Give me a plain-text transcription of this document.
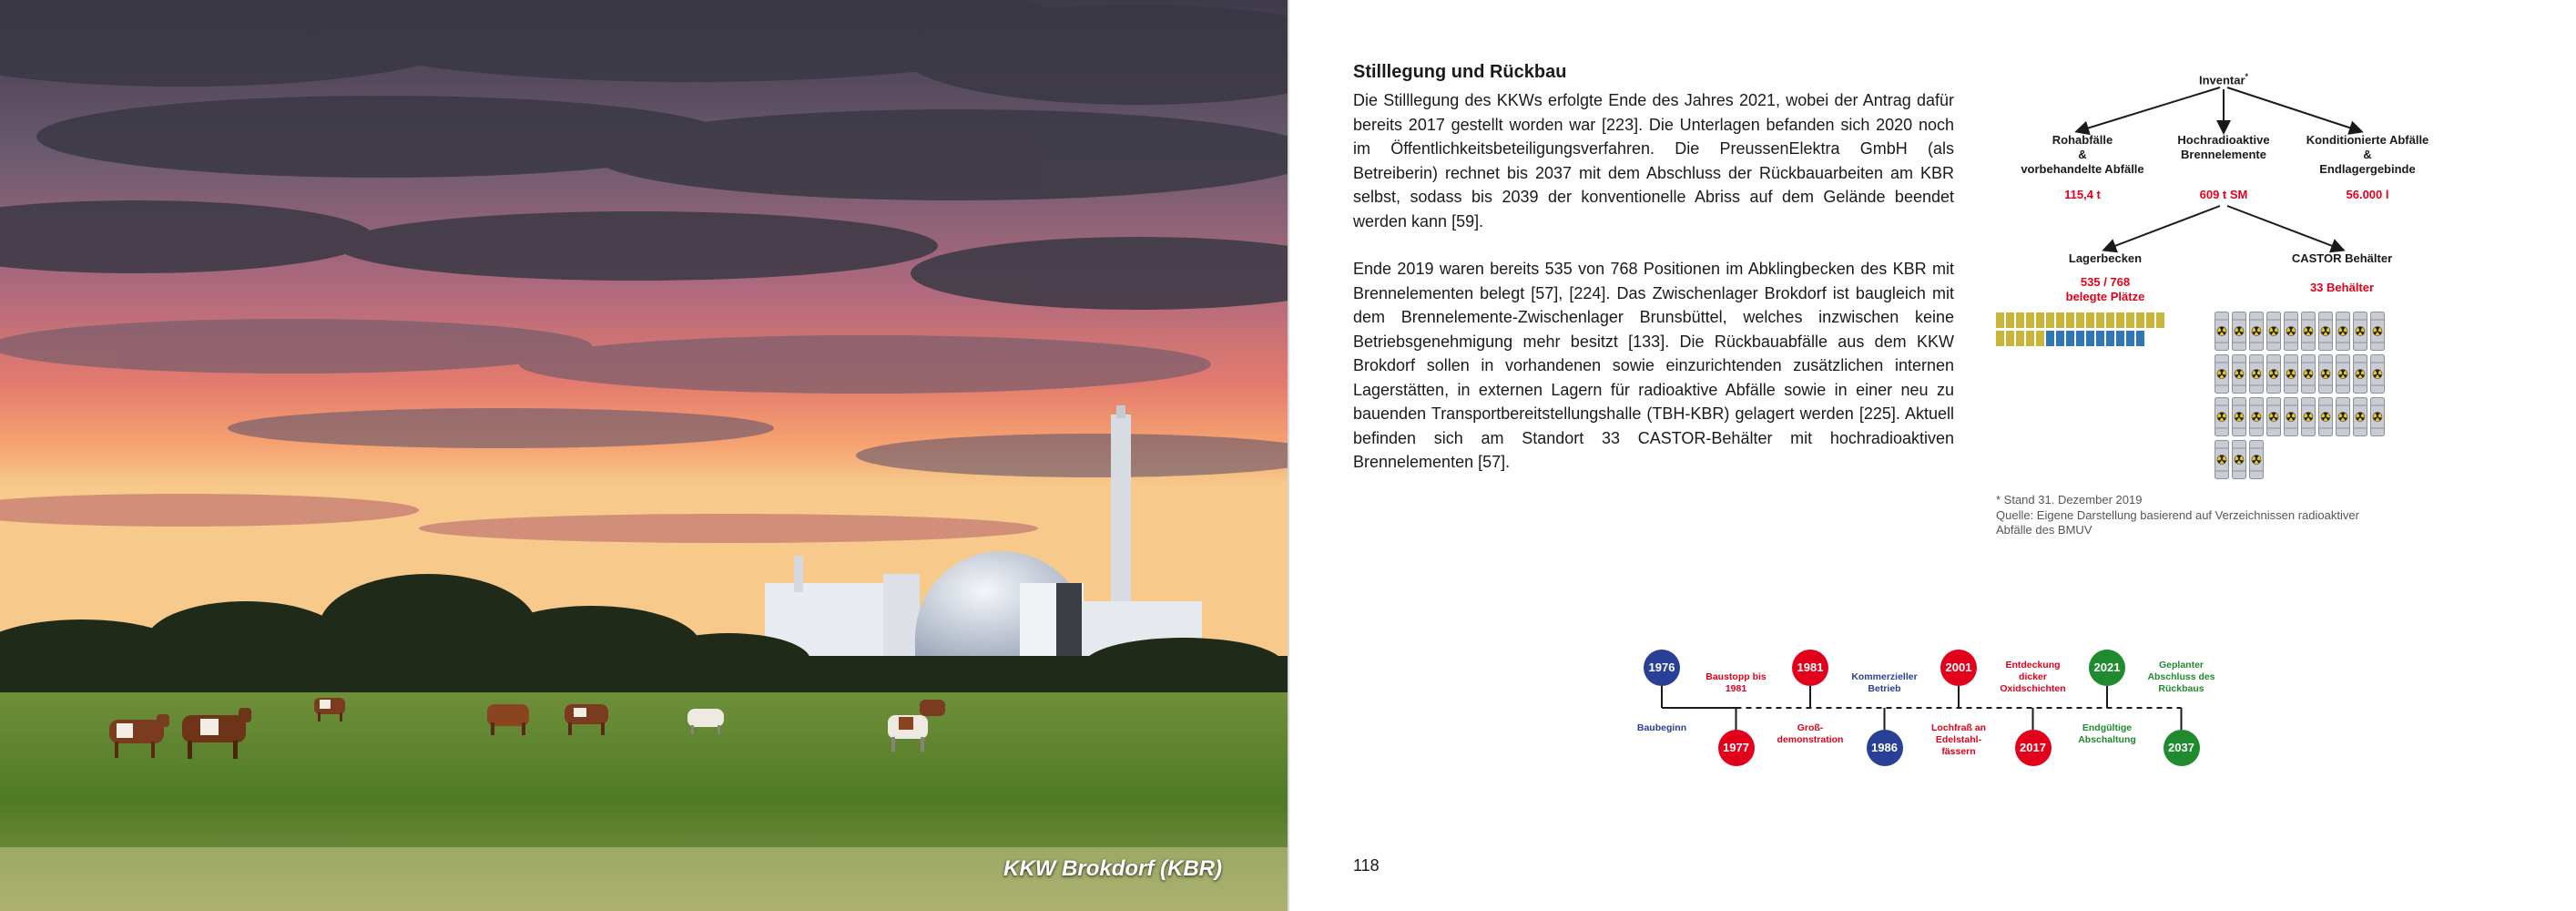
KKW Brokdorf (KBR)
Stilllegung und Rückbau

Die Stilllegung des KKWs erfolgte Ende des Jahres 2021, wobei der Antrag dafür bereits 2017 gestellt worden war [223]. Die Unterlagen befanden sich 2020 noch im Öffentlichkeitsbeteiligungsverfahren. Die PreussenElektra GmbH (als Betreiberin) rechnet bis 2037 mit dem Abschluss der Rückbauarbeiten am KBR selbst, sodass bis 2039 der konventionelle Abriss auf dem Gelände beendet werden kann [59].

Ende 2019 waren bereits 535 von 768 Positionen im Abklingbecken des KBR mit Brennelementen belegt [57], [224]. Das Zwischenlager Brokdorf ist baugleich mit dem Brennelemente-Zwischenlager Brunsbüttel, welches inzwischen keine Betriebsgenehmigung mehr besitzt [133]. Die Rückbauabfälle aus dem KKW Brokdorf sollen in vorhandenen sowie einzurichtenden zusätzlichen internen Lagerstätten, in externen Lagern für radioaktive Abfälle sowie in einer neu zu bauenden Transportbereitstellungshalle (TBH-KBR) gelagert werden [225]. Aktuell befinden sich am Standort 33 CASTOR-Behälter mit hochradioaktiven Brennelementen [57].

118
Inventar*
Rohabfälle
&
vorbehandelte Abfälle
115,4 t
Hochradioaktive
Brennelemente
609 t SM
Konditionierte Abfälle
&
Endlagergebinde
56.000 l
Lagerbecken
535 / 768
belegte Plätze
CASTOR Behälter
33 Behälter
* Stand 31. Dezember 2019
Quelle: Eigene Darstellung basierend auf Verzeichnissen radioaktiver
Abfälle des BMUV
1976
Baubeginn
1977
Baustopp bis
1981
1981
Groß-
demonstration
1986
Kommerzieller
Betrieb
2001
Lochfraß an
Edelstahl-
fässern	2017
Entdeckung
dicker
Oxidschichten
2021
Endgültige
Abschaltung
2037
Geplanter
Abschluss des
Rückbaus
